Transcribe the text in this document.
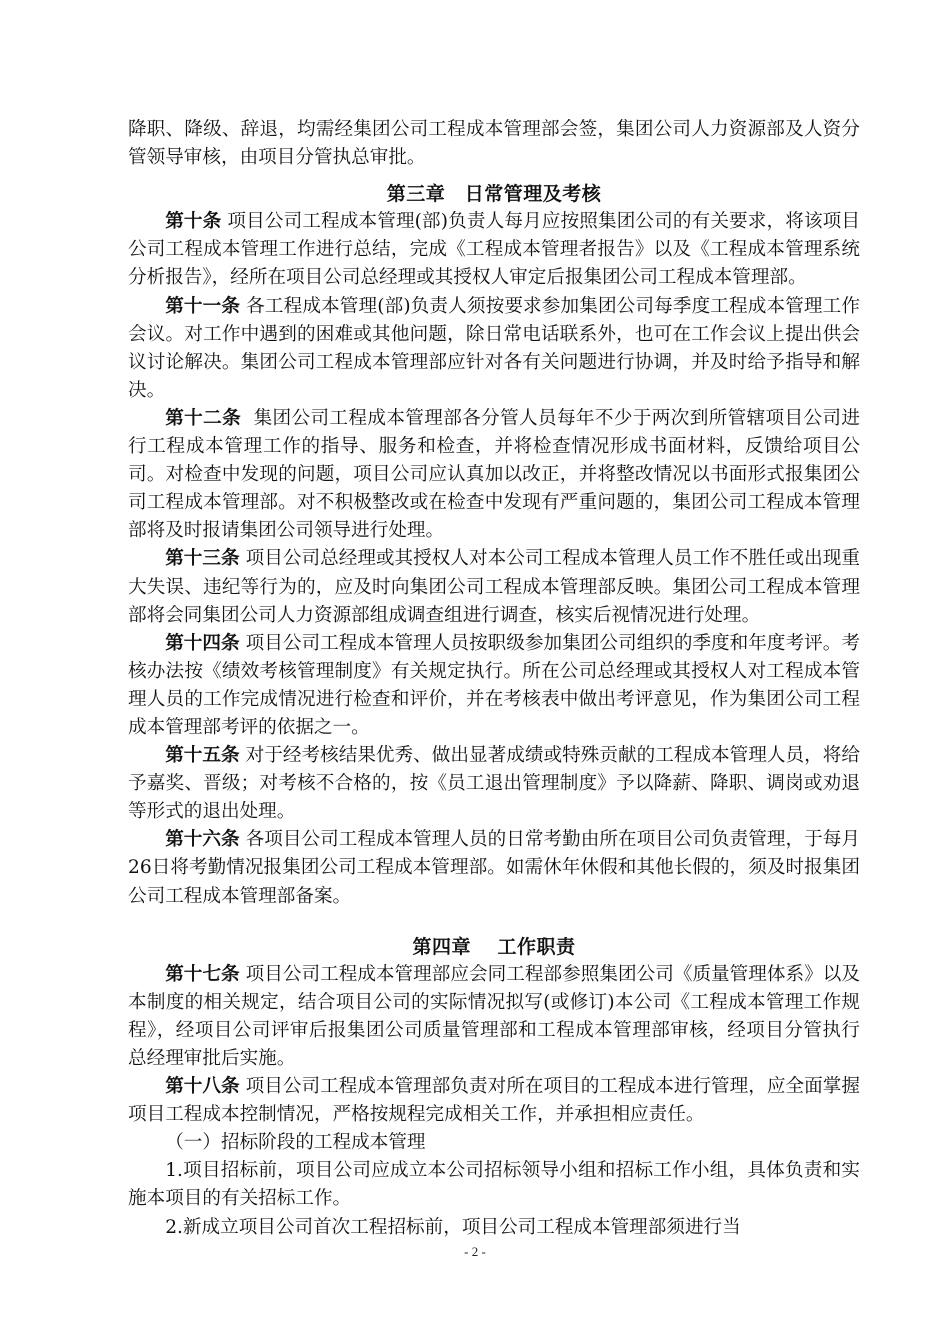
降职、降级、辞退，均需经集团公司工程成本管理部会签，集团公司人力资源部及人资分管领导审核，由项目分管执总审批。

第三章　日常管理及考核

第十条 项目公司工程成本管理(部)负责人每月应按照集团公司的有关要求，将该项目公司工程成本管理工作进行总结，完成《工程成本管理者报告》以及《工程成本管理系统分析报告》，经所在项目公司总经理或其授权人审定后报集团公司工程成本管理部。

第十一条 各工程成本管理(部)负责人须按要求参加集团公司每季度工程成本管理工作会议。对工作中遇到的困难或其他问题，除日常电话联系外，也可在工作会议上提出供会议讨论解决。集团公司工程成本管理部应针对各有关问题进行协调，并及时给予指导和解决。

第十二条 集团公司工程成本管理部各分管人员每年不少于两次到所管辖项目公司进行工程成本管理工作的指导、服务和检查，并将检查情况形成书面材料，反馈给项目公司。对检查中发现的问题，项目公司应认真加以改正，并将整改情况以书面形式报集团公司工程成本管理部。对不积极整改或在检查中发现有严重问题的，集团公司工程成本管理部将及时报请集团公司领导进行处理。

第十三条 项目公司总经理或其授权人对本公司工程成本管理人员工作不胜任或出现重大失误、违纪等行为的，应及时向集团公司工程成本管理部反映。集团公司工程成本管理部将会同集团公司人力资源部组成调查组进行调查，核实后视情况进行处理。

第十四条 项目公司工程成本管理人员按职级参加集团公司组织的季度和年度考评。考核办法按《绩效考核管理制度》有关规定执行。所在公司总经理或其授权人对工程成本管理人员的工作完成情况进行检查和评价，并在考核表中做出考评意见，作为集团公司工程成本管理部考评的依据之一。

第十五条 对于经考核结果优秀、做出显著成绩或特殊贡献的工程成本管理人员，将给予嘉奖、晋级；对考核不合格的，按《员工退出管理制度》予以降薪、降职、调岗或劝退等形式的退出处理。

第十六条 各项目公司工程成本管理人员的日常考勤由所在项目公司负责管理，于每月26日将考勤情况报集团公司工程成本管理部。如需休年休假和其他长假的，须及时报集团公司工程成本管理部备案。

第四章　 工作职责

第十七条 项目公司工程成本管理部应会同工程部参照集团公司《质量管理体系》以及本制度的相关规定，结合项目公司的实际情况拟写(或修订)本公司《工程成本管理工作规程》，经项目公司评审后报集团公司质量管理部和工程成本管理部审核，经项目分管执行总经理审批后实施。

第十八条 项目公司工程成本管理部负责对所在项目的工程成本进行管理，应全面掌握项目工程成本控制情况，严格按规程完成相关工作，并承担相应责任。

（一）招标阶段的工程成本管理

1.项目招标前，项目公司应成立本公司招标领导小组和招标工作小组，具体负责和实施本项目的有关招标工作。

2.新成立项目公司首次工程招标前，项目公司工程成本管理部须进行当

- 2 -
